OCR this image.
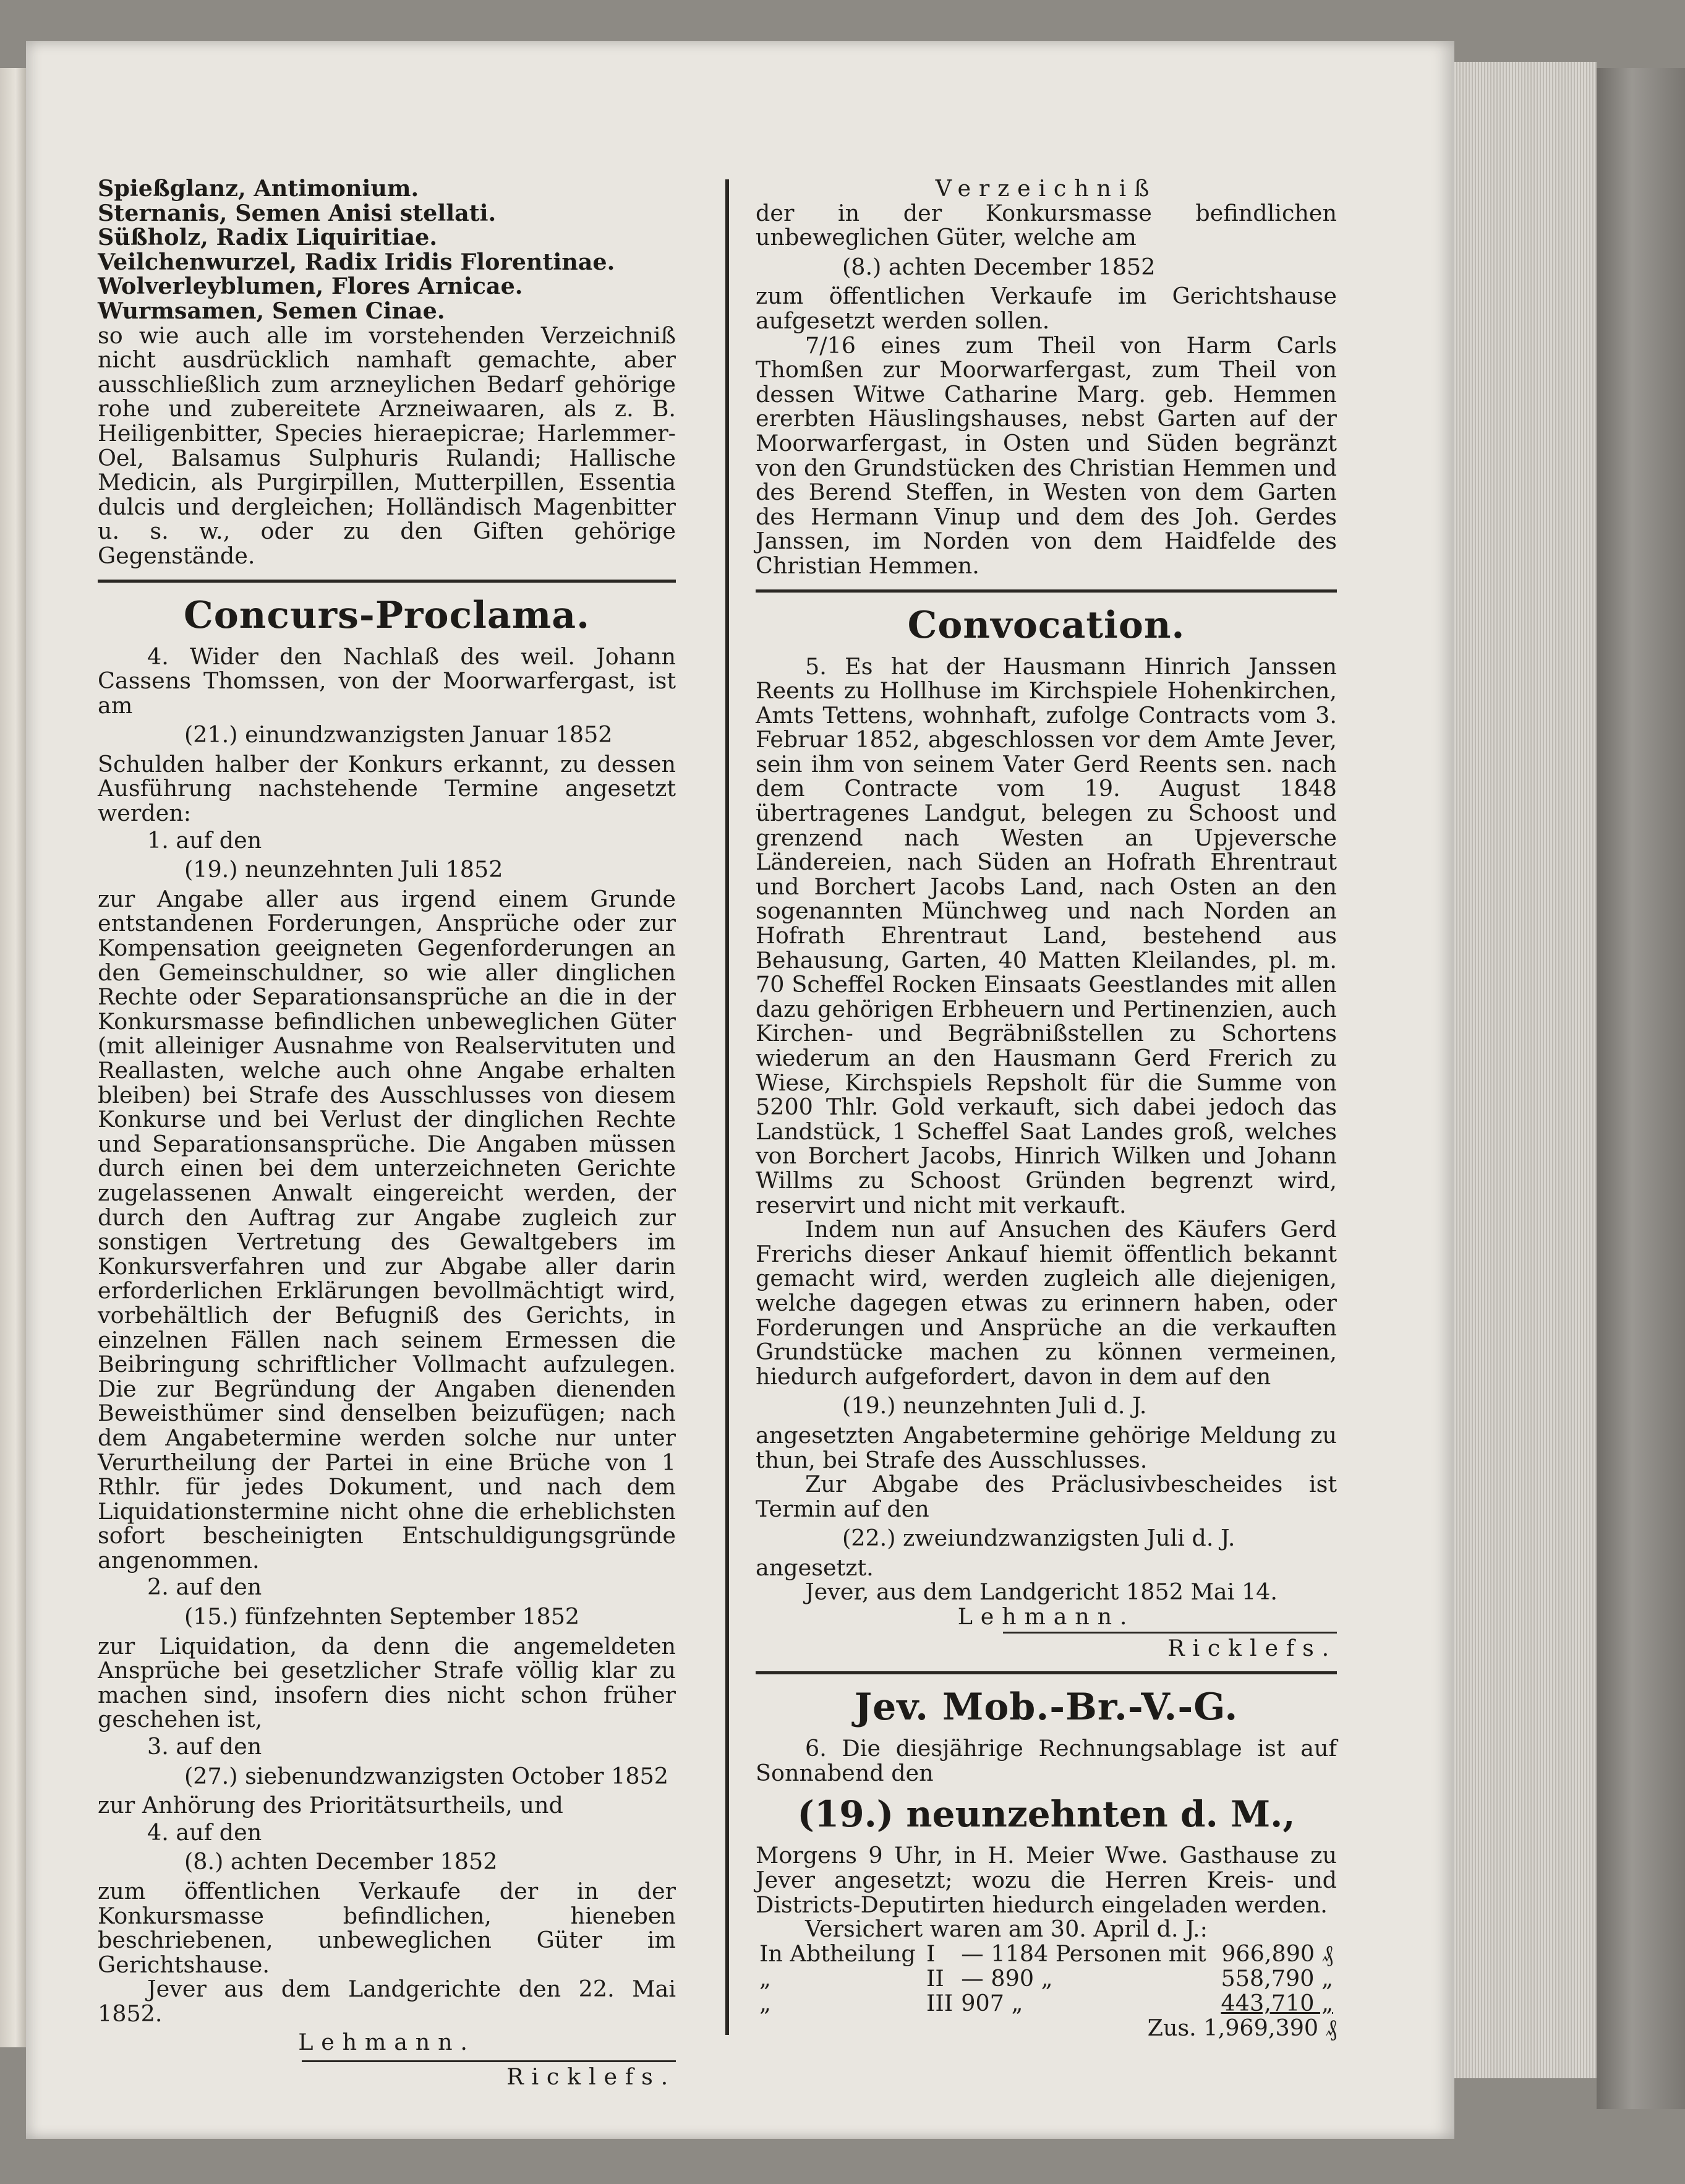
Spießglanz, Antimonium.

Sternanis, Semen Anisi stellati.

Süßholz, Radix Liquiritiae.

Veilchenwurzel, Radix Iridis Florentinae.

Wolverleyblumen, Flores Arnicae.

Wurmsamen, Semen Cinae.

so wie auch alle im vorstehenden Verzeichniß nicht ausdrücklich namhaft gemachte, aber ausschließlich zum arzneylichen Bedarf gehörige rohe und zubereitete Arzneiwaaren, als z. B. Heiligenbitter, Species hieraepicrae; Harlemmer-Oel, Balsamus Sulphuris Rulandi; Hallische Medicin, als Purgirpillen, Mutterpillen, Essentia dulcis und dergleichen; Holländisch Magenbitter u. s. w., oder zu den Giften gehörige Gegenstände.

Concurs-Proclama.

4. Wider den Nachlaß des weil. Johann Cassens Thomssen, von der Moorwarfergast, ist am

(21.) einundzwanzigsten Januar 1852

Schulden halber der Konkurs erkannt, zu dessen Ausführung nachstehende Termine angesetzt werden:

1. auf den

(19.) neunzehnten Juli 1852

zur Angabe aller aus irgend einem Grunde entstandenen Forderungen, Ansprüche oder zur Kompensation geeigneten Gegenforderungen an den Gemeinschuldner, so wie aller dinglichen Rechte oder Separationsansprüche an die in der Konkursmasse befindlichen unbeweglichen Güter (mit alleiniger Ausnahme von Realservituten und Reallasten, welche auch ohne Angabe erhalten bleiben) bei Strafe des Ausschlusses von diesem Konkurse und bei Verlust der dinglichen Rechte und Separationsansprüche. Die Angaben müssen durch einen bei dem unterzeichneten Gerichte zugelassenen Anwalt eingereicht werden, der durch den Auftrag zur Angabe zugleich zur sonstigen Vertretung des Gewaltgebers im Konkursverfahren und zur Abgabe aller darin erforderlichen Erklärungen bevollmächtigt wird, vorbehältlich der Befugniß des Gerichts, in einzelnen Fällen nach seinem Ermessen die Beibringung schriftlicher Vollmacht aufzulegen. Die zur Begründung der Angaben dienenden Beweisthümer sind denselben beizufügen; nach dem Angabetermine werden solche nur unter Verurtheilung der Partei in eine Brüche von 1 Rthlr. für jedes Dokument, und nach dem Liquidationstermine nicht ohne die erheblichsten sofort bescheinigten Entschuldigungsgründe angenommen.

2. auf den

(15.) fünfzehnten September 1852

zur Liquidation, da denn die angemeldeten Ansprüche bei gesetzlicher Strafe völlig klar zu machen sind, insofern dies nicht schon früher geschehen ist,

3. auf den

(27.) siebenundzwanzigsten October 1852

zur Anhörung des Prioritätsurtheils, und

4. auf den

(8.) achten December 1852

zum öffentlichen Verkaufe der in der Konkursmasse befindlichen, hieneben beschriebenen, unbeweglichen Güter im Gerichtshause.

Jever aus dem Landgerichte den 22. Mai 1852.

Lehmann.

Ricklefs.

Verzeichniß

der in der Konkursmasse befindlichen unbeweglichen Güter, welche am

(8.) achten December 1852

zum öffentlichen Verkaufe im Gerichtshause aufgesetzt werden sollen.

7/16 eines zum Theil von Harm Carls Thomßen zur Moorwarfergast, zum Theil von dessen Witwe Catharine Marg. geb. Hemmen ererbten Häuslingshauses, nebst Garten auf der Moorwarfergast, in Osten und Süden begränzt von den Grundstücken des Christian Hemmen und des Berend Steffen, in Westen von dem Garten des Hermann Vinup und dem des Joh. Gerdes Janssen, im Norden von dem Haidfelde des Christian Hemmen.

Convocation.

5. Es hat der Hausmann Hinrich Janssen Reents zu Hollhuse im Kirchspiele Hohenkirchen, Amts Tettens, wohnhaft, zufolge Contracts vom 3. Februar 1852, abgeschlossen vor dem Amte Jever, sein ihm von seinem Vater Gerd Reents sen. nach dem Contracte vom 19. August 1848 übertragenes Landgut, belegen zu Schoost und grenzend nach Westen an Upjeversche Ländereien, nach Süden an Hofrath Ehrentraut und Borchert Jacobs Land, nach Osten an den sogenannten Münchweg und nach Norden an Hofrath Ehrentraut Land, bestehend aus Behausung, Garten, 40 Matten Kleilandes, pl. m. 70 Scheffel Rocken Einsaats Geestlandes mit allen dazu gehörigen Erbheuern und Pertinenzien, auch Kirchen- und Begräbnißstellen zu Schortens wiederum an den Hausmann Gerd Frerich zu Wiese, Kirchspiels Repsholt für die Summe von 5200 Thlr. Gold verkauft, sich dabei jedoch das Landstück, 1 Scheffel Saat Landes groß, welches von Borchert Jacobs, Hinrich Wilken und Johann Willms zu Schoost Gründen begrenzt wird, reservirt und nicht mit verkauft.

Indem nun auf Ansuchen des Käufers Gerd Frerichs dieser Ankauf hiemit öffentlich bekannt gemacht wird, werden zugleich alle diejenigen, welche dagegen etwas zu erinnern haben, oder Forderungen und Ansprüche an die verkauften Grundstücke machen zu können vermeinen, hiedurch aufgefordert, davon in dem auf den

(19.) neunzehnten Juli d. J.

angesetzten Angabetermine gehörige Meldung zu thun, bei Strafe des Ausschlusses.

Zur Abgabe des Präclusivbescheides ist Termin auf den

(22.) zweiundzwanzigsten Juli d. J.

angesetzt.

Jever, aus dem Landgericht 1852 Mai 14.

Lehmann.

Ricklefs.

Jev. Mob.-Br.-V.-G.

6. Die diesjährige Rechnungsablage ist auf Sonnabend den

(19.) neunzehnten d. M.,

Morgens 9 Uhr, in H. Meier Wwe. Gasthause zu Jever angesetzt; wozu die Herren Kreis- und Districts-Deputirten hiedurch eingeladen werden.

Versichert waren am 30. April d. J.:

In Abtheilung	I	— 1184 Personen mit	966,890 ₰
„	II	— 890 „	558,790 „
„	III	907 „	443,710 „

Zus. 1,969,390 ₰
